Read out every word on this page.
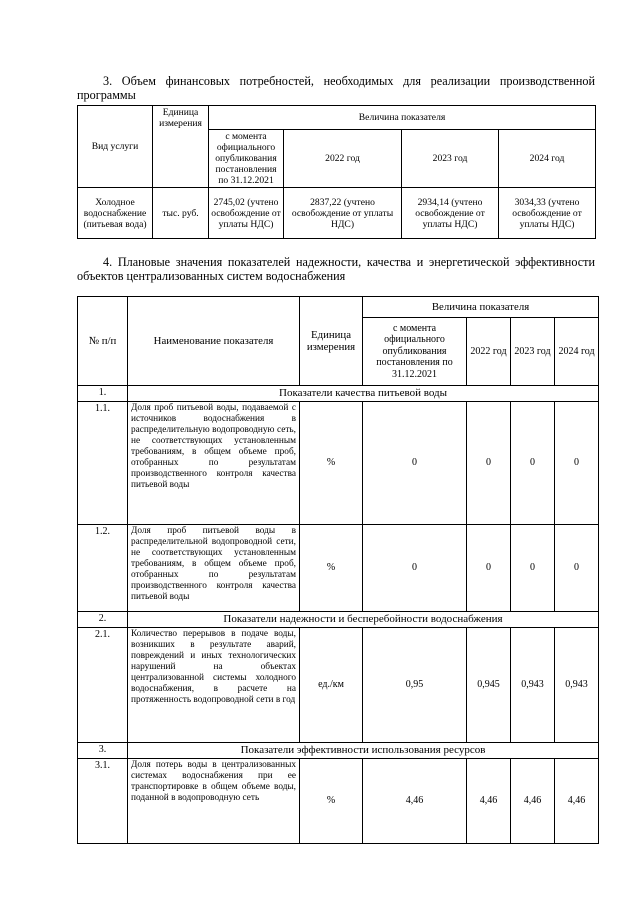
3. Объем финансовых потребностей, необходимых для реализации производственной программы

Вид услуги	Единица измерения	Величина показателя			
		с момента официального опубликования постановления по 31.12.2021	2022 год	2023 год	2024 год
Холодное водоснабжение (питьевая вода)	тыс. руб.	2745,02 (учтено освобождение от уплаты НДС)	2837,22 (учтено освобождение от уплаты НДС)	2934,14 (учтено освобождение от уплаты НДС)	3034,33 (учтено освобождение от уплаты НДС)

4. Плановые значения показателей надежности, качества и энергетической эффективности объектов централизованных систем водоснабжения

№ п/п	Наименование показателя	Единица измерения	Величина показателя			
			с момента официального опубликования постановления по 31.12.2021	2022 год	2023 год	2024 год
1.	Показатели качества питьевой воды					
1.1.	Доля проб питьевой воды, подаваемой с источников водоснабжения в распределительную водопроводную сеть, не соответствующих установленным требованиям, в общем объеме проб, отобранных по результатам производственного контроля качества питьевой воды	%	0	0	0	0
1.2.	Доля проб питьевой воды в распределительной водопроводной сети, не соответствующих установленным требованиям, в общем объеме проб, отобранных по результатам производственного контроля качества питьевой воды	%	0	0	0	0
2.	Показатели надежности и бесперебойности водоснабжения					
2.1.	Количество перерывов в подаче воды, возникших в результате аварий, повреждений и иных технологических нарушений на объектах централизованной системы холодного водоснабжения, в расчете на протяженность водопроводной сети в год	ед./км	0,95	0,945	0,943	0,943
3.	Показатели эффективности использования ресурсов					
3.1.	Доля потерь воды в централизованных системах водоснабжения при ее транспортировке в общем объеме воды, поданной в водопроводную сеть	%	4,46	4,46	4,46	4,46
